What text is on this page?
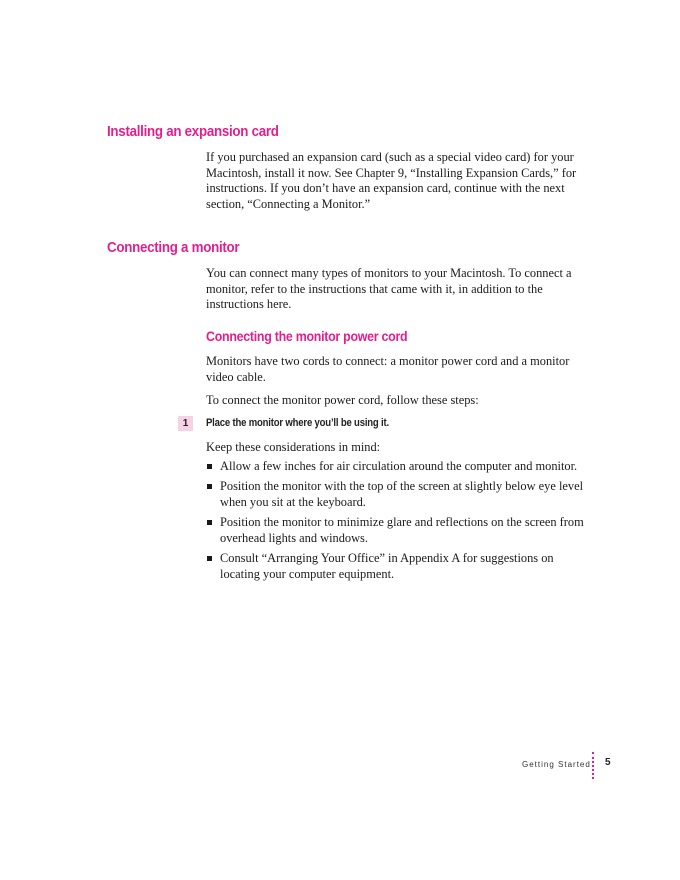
Installing an expansion card

If you purchased an expansion card (such as a special video card) for your Macintosh, install it now. See Chapter 9, “Installing Expansion Cards,” for instructions. If you don’t have an expansion card, continue with the next section, “Connecting a Monitor.”

Connecting a monitor

You can connect many types of monitors to your Macintosh. To connect a monitor, refer to the instructions that came with it, in addition to the instructions here.

Connecting the monitor power cord

Monitors have two cords to connect: a monitor power cord and a monitor video cable.

To connect the monitor power cord, follow these steps:

1	Place the monitor where you’ll be using it.

Keep these considerations in mind:

Allow a few inches for air circulation around the computer and monitor.
Position the monitor with the top of the screen at slightly below eye level when you sit at the keyboard.
Position the monitor to minimize glare and reflections on the screen from overhead lights and windows.
Consult “Arranging Your Office” in Appendix A for suggestions on locating your computer equipment.
Getting Started 5
